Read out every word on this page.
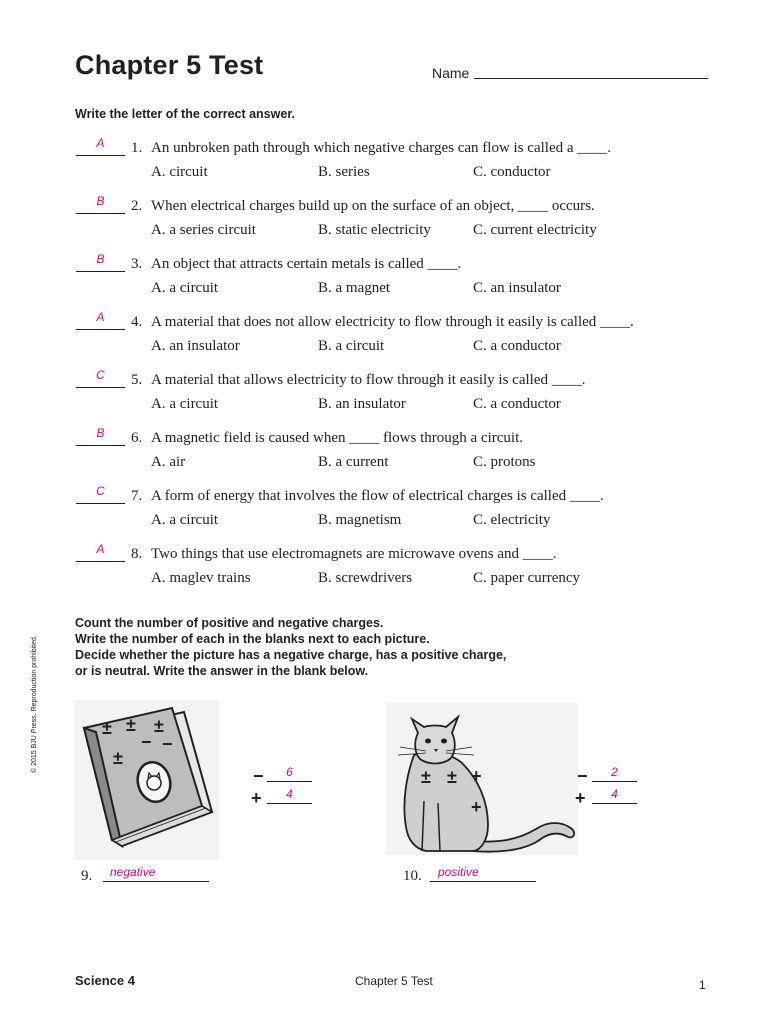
Chapter 5 Test	Name
Write the letter of the correct answer.
A	1. An unbroken path through which negative charges can flow is called a ____.
A. circuit	B. series	C. conductor
B	2. When electrical charges build up on the surface of an object, ____ occurs.
A. a series circuit	B. static electricity	C. current electricity
B	3. An object that attracts certain metals is called ____.
A. a circuit	B. a magnet	C. an insulator
A	4. A material that does not allow electricity to flow through it easily is called ____.
A. an insulator	B. a circuit	C. a conductor
C	5. A material that allows electricity to flow through it easily is called ____.
A. a circuit	B. an insulator	C. a conductor
B	6. A magnetic field is caused when ____ flows through a circuit.
A. air	B. a current	C. protons
C	7. A form of energy that involves the flow of electrical charges is called ____.
A. a circuit	B. magnetism	C. electricity
A	8. Two things that use electromagnets are microwave ovens and ____.
A. maglev trains	B. screwdrivers	C. paper currency
Count the number of positive and negative charges.
Write the number of each in the blanks next to each picture.
Decide whether the picture has a negative charge, has a positive charge,
or is neutral. Write the answer in the blank below.
© 2015 BJU Press. Reproduction prohibited.	± ± ±
− −
±
−	6
+	4
9. negative
± ± +
+
−	2
+	4
10. positive
Science 4	Chapter 5 Test	1
